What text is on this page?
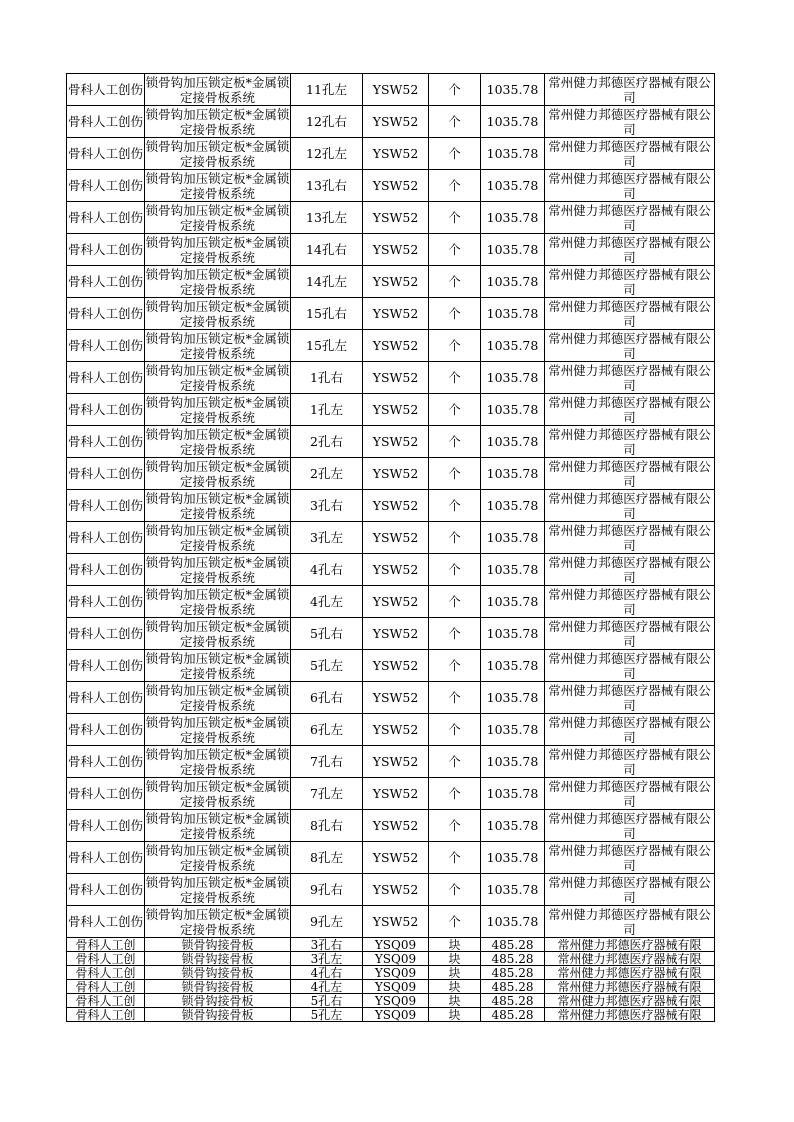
骨科人工创伤	锁骨钩加压锁定板*金属锁定接骨板系统	11孔左	YSW52	个	1035.78	常州健力邦德医疗器械有限公司
骨科人工创伤	锁骨钩加压锁定板*金属锁定接骨板系统	12孔右	YSW52	个	1035.78	常州健力邦德医疗器械有限公司
骨科人工创伤	锁骨钩加压锁定板*金属锁定接骨板系统	12孔左	YSW52	个	1035.78	常州健力邦德医疗器械有限公司
骨科人工创伤	锁骨钩加压锁定板*金属锁定接骨板系统	13孔右	YSW52	个	1035.78	常州健力邦德医疗器械有限公司
骨科人工创伤	锁骨钩加压锁定板*金属锁定接骨板系统	13孔左	YSW52	个	1035.78	常州健力邦德医疗器械有限公司
骨科人工创伤	锁骨钩加压锁定板*金属锁定接骨板系统	14孔右	YSW52	个	1035.78	常州健力邦德医疗器械有限公司
骨科人工创伤	锁骨钩加压锁定板*金属锁定接骨板系统	14孔左	YSW52	个	1035.78	常州健力邦德医疗器械有限公司
骨科人工创伤	锁骨钩加压锁定板*金属锁定接骨板系统	15孔右	YSW52	个	1035.78	常州健力邦德医疗器械有限公司
骨科人工创伤	锁骨钩加压锁定板*金属锁定接骨板系统	15孔左	YSW52	个	1035.78	常州健力邦德医疗器械有限公司
骨科人工创伤	锁骨钩加压锁定板*金属锁定接骨板系统	1孔右	YSW52	个	1035.78	常州健力邦德医疗器械有限公司
骨科人工创伤	锁骨钩加压锁定板*金属锁定接骨板系统	1孔左	YSW52	个	1035.78	常州健力邦德医疗器械有限公司
骨科人工创伤	锁骨钩加压锁定板*金属锁定接骨板系统	2孔右	YSW52	个	1035.78	常州健力邦德医疗器械有限公司
骨科人工创伤	锁骨钩加压锁定板*金属锁定接骨板系统	2孔左	YSW52	个	1035.78	常州健力邦德医疗器械有限公司
骨科人工创伤	锁骨钩加压锁定板*金属锁定接骨板系统	3孔右	YSW52	个	1035.78	常州健力邦德医疗器械有限公司
骨科人工创伤	锁骨钩加压锁定板*金属锁定接骨板系统	3孔左	YSW52	个	1035.78	常州健力邦德医疗器械有限公司
骨科人工创伤	锁骨钩加压锁定板*金属锁定接骨板系统	4孔右	YSW52	个	1035.78	常州健力邦德医疗器械有限公司
骨科人工创伤	锁骨钩加压锁定板*金属锁定接骨板系统	4孔左	YSW52	个	1035.78	常州健力邦德医疗器械有限公司
骨科人工创伤	锁骨钩加压锁定板*金属锁定接骨板系统	5孔右	YSW52	个	1035.78	常州健力邦德医疗器械有限公司
骨科人工创伤	锁骨钩加压锁定板*金属锁定接骨板系统	5孔左	YSW52	个	1035.78	常州健力邦德医疗器械有限公司
骨科人工创伤	锁骨钩加压锁定板*金属锁定接骨板系统	6孔右	YSW52	个	1035.78	常州健力邦德医疗器械有限公司
骨科人工创伤	锁骨钩加压锁定板*金属锁定接骨板系统	6孔左	YSW52	个	1035.78	常州健力邦德医疗器械有限公司
骨科人工创伤	锁骨钩加压锁定板*金属锁定接骨板系统	7孔右	YSW52	个	1035.78	常州健力邦德医疗器械有限公司
骨科人工创伤	锁骨钩加压锁定板*金属锁定接骨板系统	7孔左	YSW52	个	1035.78	常州健力邦德医疗器械有限公司
骨科人工创伤	锁骨钩加压锁定板*金属锁定接骨板系统	8孔右	YSW52	个	1035.78	常州健力邦德医疗器械有限公司
骨科人工创伤	锁骨钩加压锁定板*金属锁定接骨板系统	8孔左	YSW52	个	1035.78	常州健力邦德医疗器械有限公司
骨科人工创伤	锁骨钩加压锁定板*金属锁定接骨板系统	9孔右	YSW52	个	1035.78	常州健力邦德医疗器械有限公司
骨科人工创伤	锁骨钩加压锁定板*金属锁定接骨板系统	9孔左	YSW52	个	1035.78	常州健力邦德医疗器械有限公司
骨科人工创	锁骨钩接骨板	3孔右	YSQ09	块	485.28	常州健力邦德医疗器械有限
骨科人工创	锁骨钩接骨板	3孔左	YSQ09	块	485.28	常州健力邦德医疗器械有限
骨科人工创	锁骨钩接骨板	4孔右	YSQ09	块	485.28	常州健力邦德医疗器械有限
骨科人工创	锁骨钩接骨板	4孔左	YSQ09	块	485.28	常州健力邦德医疗器械有限
骨科人工创	锁骨钩接骨板	5孔右	YSQ09	块	485.28	常州健力邦德医疗器械有限
骨科人工创	锁骨钩接骨板	5孔左	YSQ09	块	485.28	常州健力邦德医疗器械有限
